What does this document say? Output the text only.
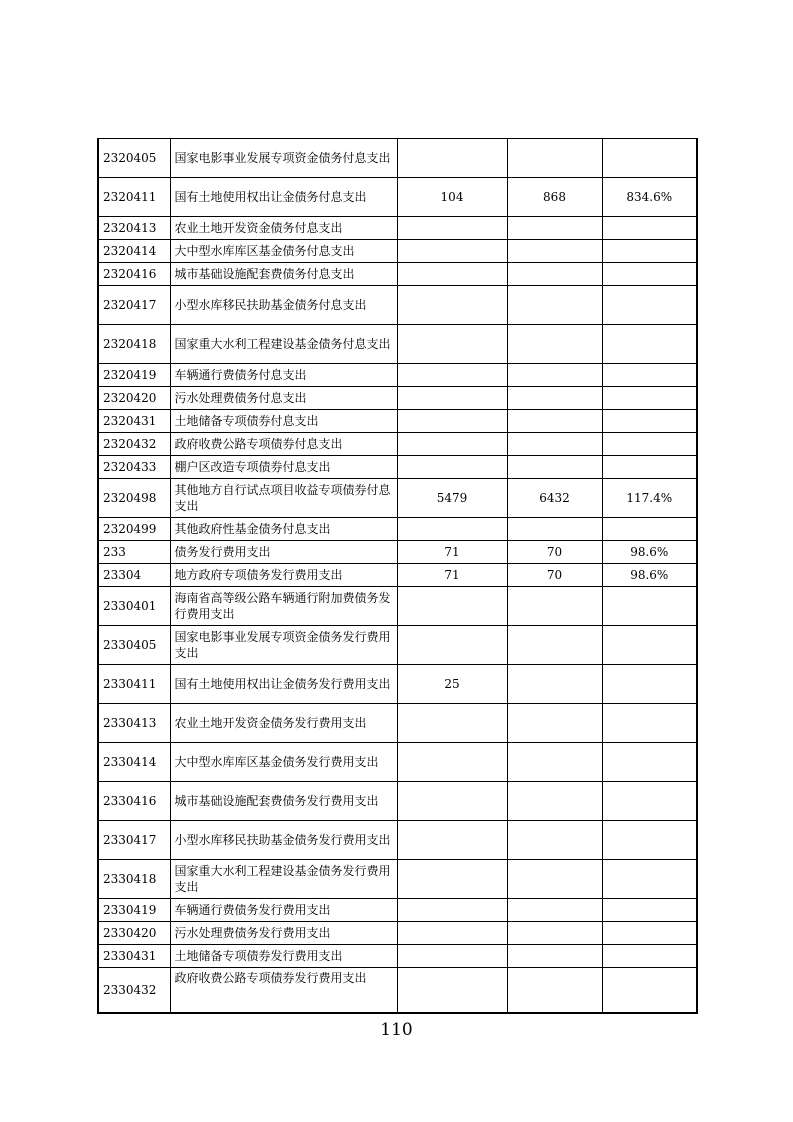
2320405	国家电影事业发展专项资金债务付息支出			
2320411	国有土地使用权出让金债务付息支出	104	868	834.6%
2320413	农业土地开发资金债务付息支出			
2320414	大中型水库库区基金债务付息支出			
2320416	城市基础设施配套费债务付息支出			
2320417	小型水库移民扶助基金债务付息支出			
2320418	国家重大水利工程建设基金债务付息支出			
2320419	车辆通行费债务付息支出			
2320420	污水处理费债务付息支出			
2320431	土地储备专项债券付息支出			
2320432	政府收费公路专项债券付息支出			
2320433	棚户区改造专项债券付息支出			
2320498	其他地方自行试点项目收益专项债券付息支出	5479	6432	117.4%
2320499	其他政府性基金债务付息支出			
233	债务发行费用支出	71	70	98.6%
23304	地方政府专项债务发行费用支出	71	70	98.6%
2330401	海南省高等级公路车辆通行附加费债务发行费用支出			
2330405	国家电影事业发展专项资金债务发行费用支出			
2330411	国有土地使用权出让金债务发行费用支出	25		
2330413	农业土地开发资金债务发行费用支出			
2330414	大中型水库库区基金债务发行费用支出			
2330416	城市基础设施配套费债务发行费用支出			
2330417	小型水库移民扶助基金债务发行费用支出			
2330418	国家重大水利工程建设基金债务发行费用支出			
2330419	车辆通行费债务发行费用支出			
2330420	污水处理费债务发行费用支出			
2330431	土地储备专项债券发行费用支出			
2330432	政府收费公路专项债券发行费用支出			
110
